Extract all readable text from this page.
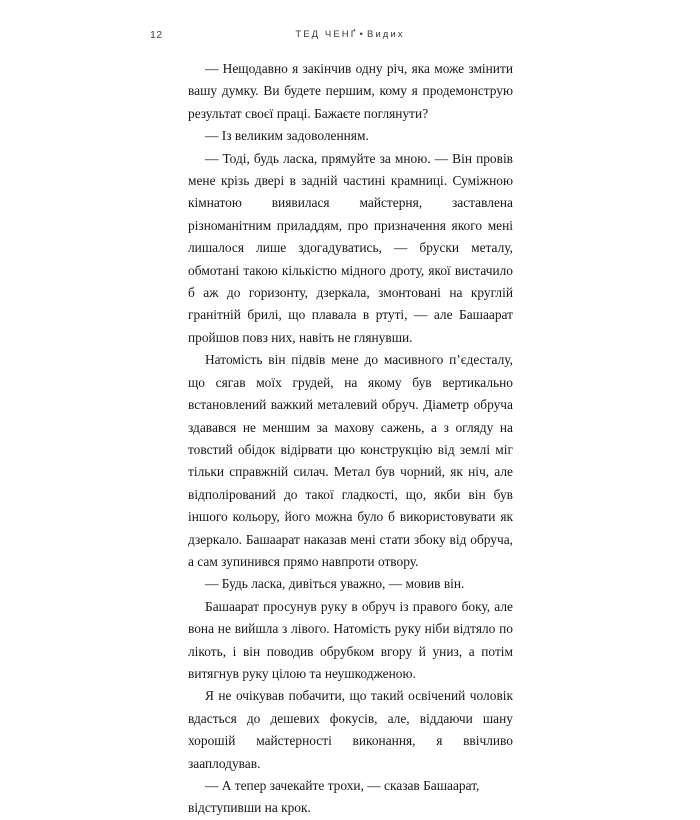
12	ТЕД ЧЕНҐ • Видих

— Нещодавно я закінчив одну річ, яка може змінити вашу думку. Ви будете першим, кому я продемонструю результат своєї праці. Бажаєте поглянути?

— Із великим задоволенням.

— Тоді, будь ласка, прямуйте за мною. — Він провів мене крізь двері в задній частині крамниці. Суміжною кімнатою виявилася майстерня, заставлена різноманітним приладдям, про призначення якого мені лишалося лише здогадуватись, — бруски металу, обмотані такою кількістю мідного дроту, якої вистачило б аж до горизонту, дзеркала, змонтовані на круглій гранітній брилі, що плавала в ртуті, — але Башаарат пройшов повз них, навіть не глянувши.

Натомість він підвів мене до масивного п’єдесталу, що сягав моїх грудей, на якому був вертикально встановлений важкий металевий обруч. Діаметр обруча здавався не меншим за махову сажень, а з огляду на товстий обідок відірвати цю конструкцію від землі міг тільки справжній силач. Метал був чорний, як ніч, але відполірований до такої гладкості, що, якби він був іншого кольору, його можна було б використовувати як дзеркало. Башаарат наказав мені стати збоку від обруча, а сам зупинився прямо навпроти отвору.

— Будь ласка, дивіться уважно, — мовив він.

Башаарат просунув руку в обруч із правого боку, але вона не вийшла з лівого. Натомість руку ніби відтяло по лікоть, і він поводив обрубком вгору й униз, а потім витягнув руку цілою та неушкодженою.

Я не очікував побачити, що такий освічений чоловік вдасться до дешевих фокусів, але, віддаючи шану хорошій майстерності виконання, я ввічливо зааплодував.

— А тепер зачекайте трохи, — сказав Башаарат, відступивши на крок.
